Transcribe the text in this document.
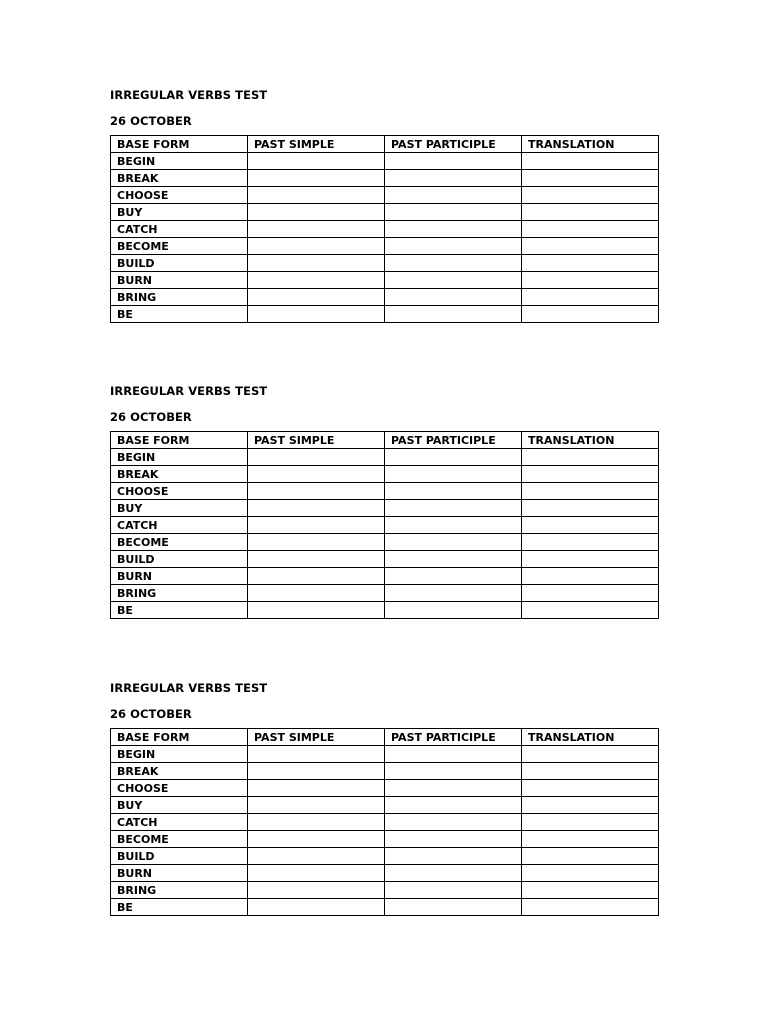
IRREGULAR VERBS TEST

26 OCTOBER

BASE FORM	PAST SIMPLE	PAST PARTICIPLE	TRANSLATION
BEGIN			
BREAK			
CHOOSE			
BUY			
CATCH			
BECOME			
BUILD			
BURN			
BRING			
BE			

IRREGULAR VERBS TEST

26 OCTOBER

BASE FORM	PAST SIMPLE	PAST PARTICIPLE	TRANSLATION
BEGIN			
BREAK			
CHOOSE			
BUY			
CATCH			
BECOME			
BUILD			
BURN			
BRING			
BE			

IRREGULAR VERBS TEST

26 OCTOBER

BASE FORM	PAST SIMPLE	PAST PARTICIPLE	TRANSLATION
BEGIN			
BREAK			
CHOOSE			
BUY			
CATCH			
BECOME			
BUILD			
BURN			
BRING			
BE			
